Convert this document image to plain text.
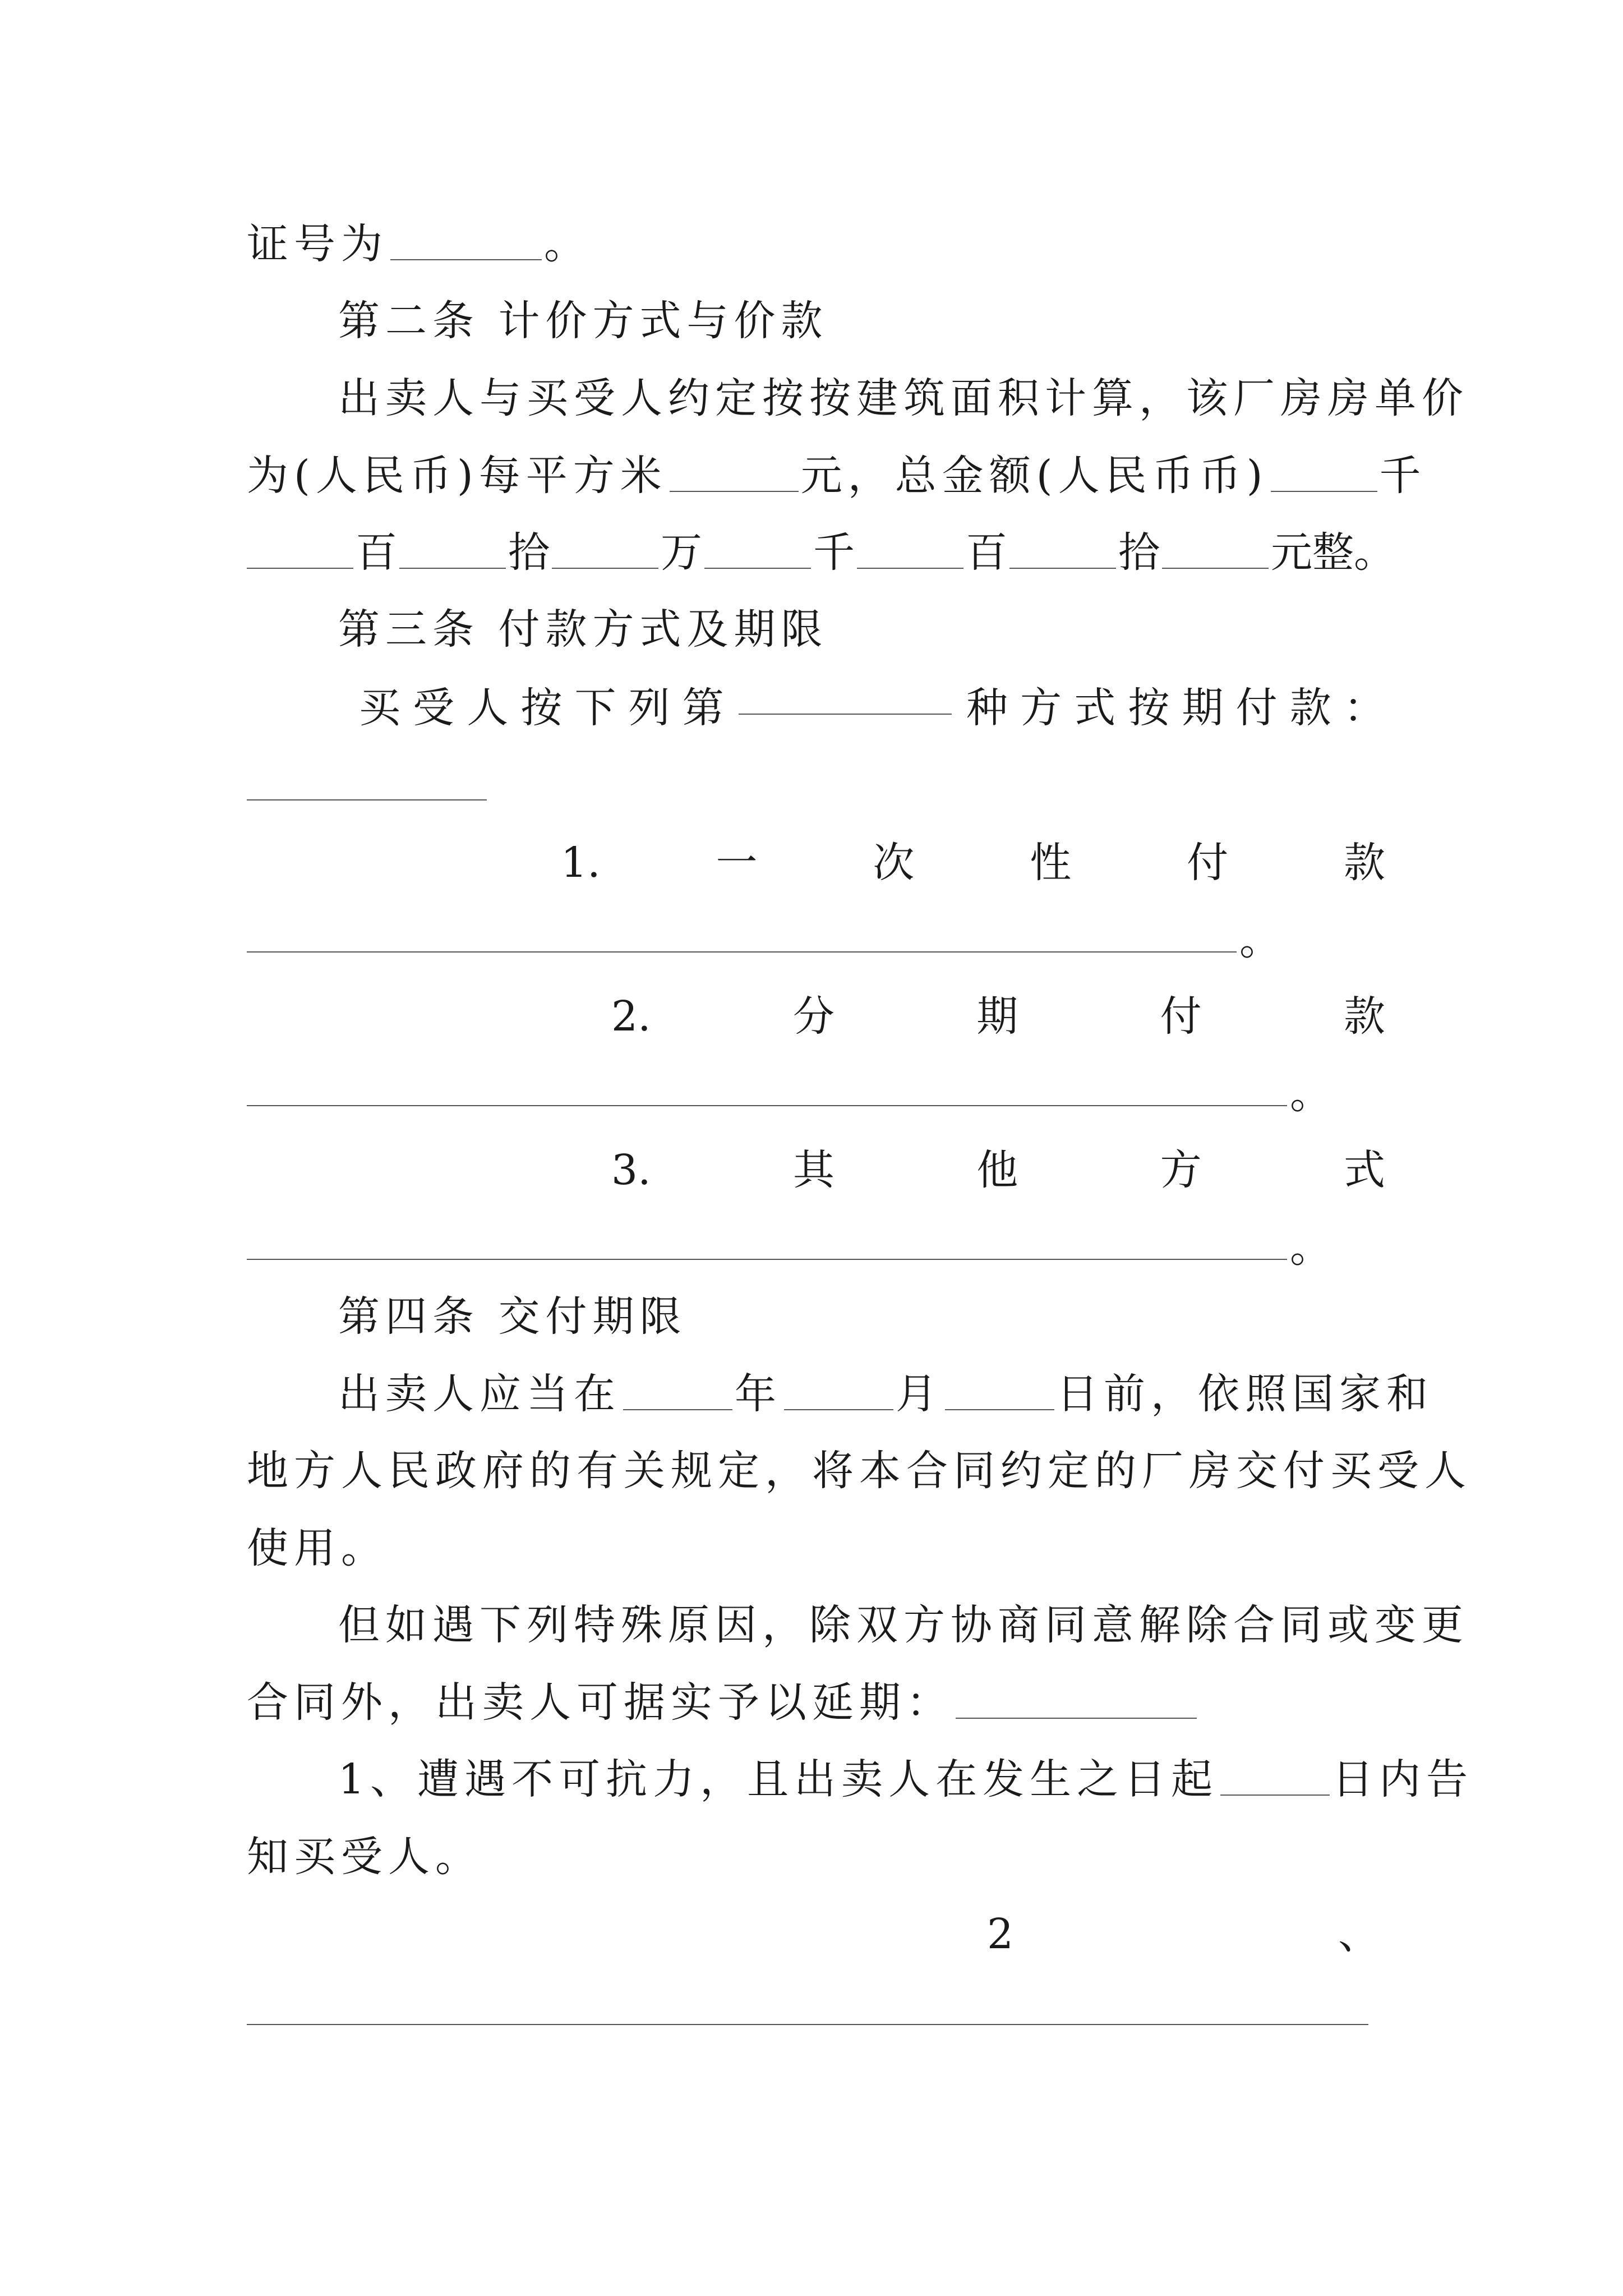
证号为	。
第二条 计价方式与价款
出卖人与买受人约定按按建筑面积计算，该厂房房单价
为(人民币)每平方米	元，总金额(人民币币)	千
百	拾	万	千	百	拾	元整。
第三条 付款方式及期限
买 受 人 按 下 列 第	种 方 式 按 期 付 款 ：
1.	一	次	性	付	款
。
2.	分	期	付	款
。
3.	其	他	方	式
。
第四条 交付期限
出卖人应当在	年	月	日前，依照国家和
地方人民政府的有关规定，将本合同约定的厂房交付买受人
使用。
但如遇下列特殊原因，除双方协商同意解除合同或变更
合同外，出卖人可据实予以延期：
1、遭遇不可抗力，且出卖人在发生之日起	日内告
知买受人。
2	、
